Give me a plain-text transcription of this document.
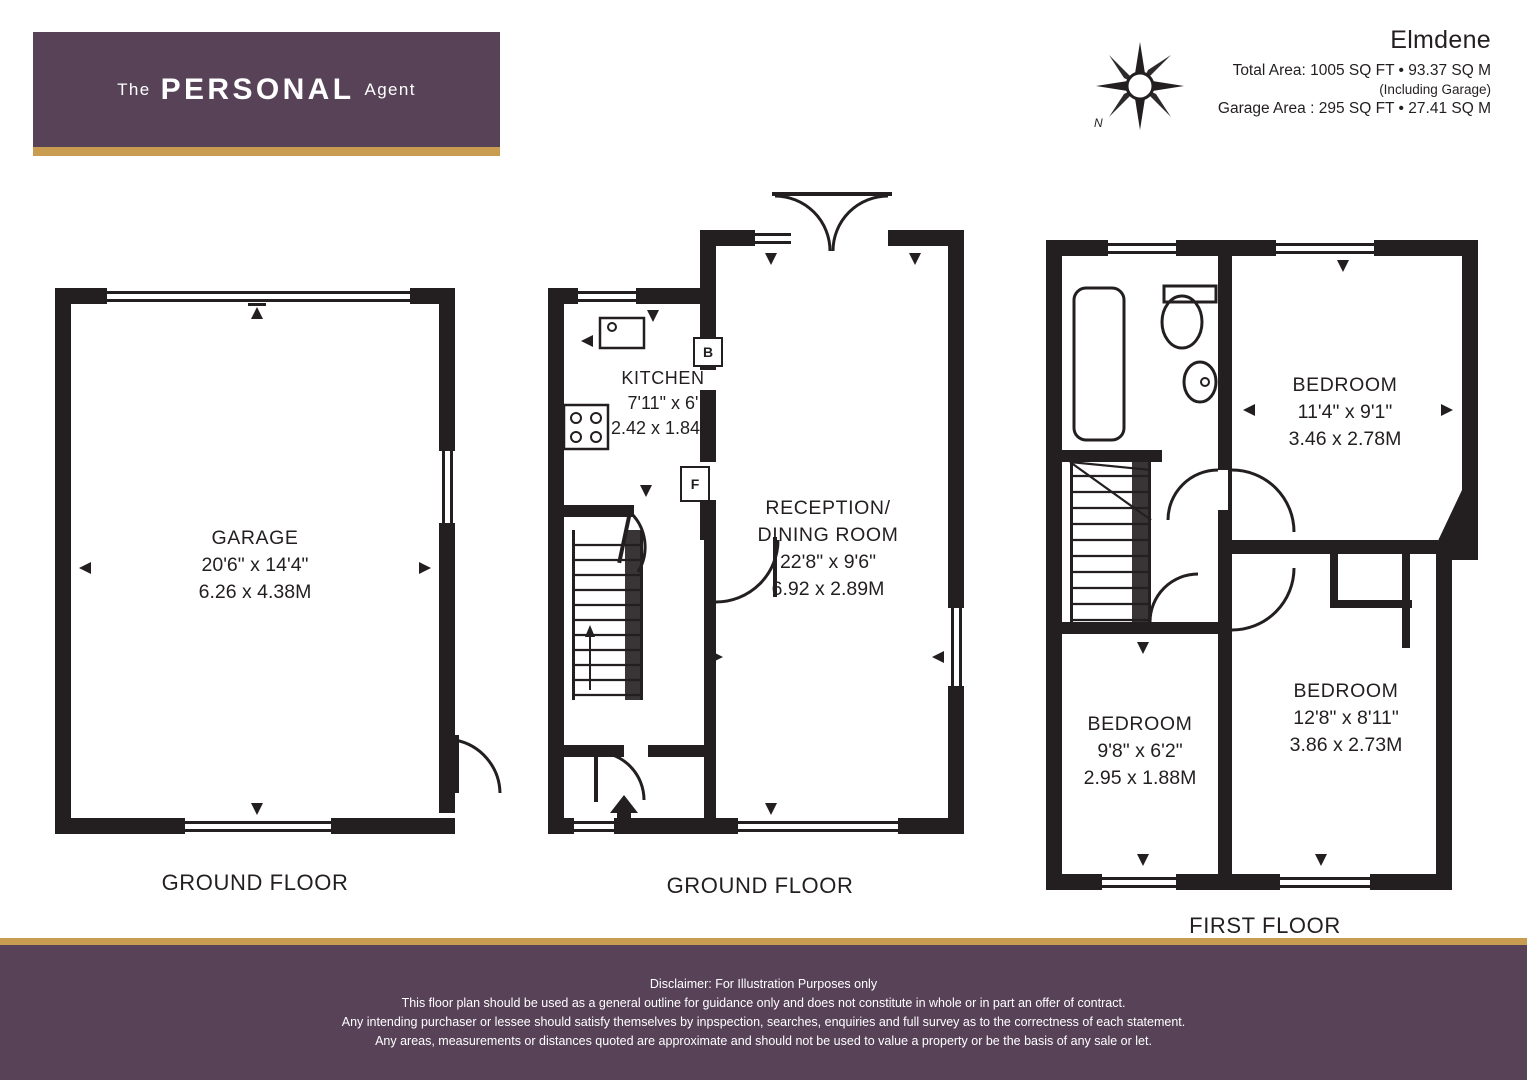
The PERSONAL Agent
Elmdene
Total Area: 1005 SQ FT • 93.37 SQ M
(Including Garage)
Garage Area : 295 SQ FT • 27.41 SQ M
N
B
F
GARAGE
20'6" x 14'4"
6.26 x 4.38M
KITCHEN
7'11" x 6'
2.42 x 1.84M
RECEPTION/
DINING ROOM
22'8" x 9'6"
6.92 x 2.89M
BEDROOM
11'4" x 9'1"
3.46 x 2.78M
BEDROOM
12'8" x 8'11"
3.86 x 2.73M
BEDROOM
9'8" x 6'2"
2.95 x 1.88M
GROUND FLOOR	GROUND FLOOR
FIRST FLOOR
Disclaimer: For Illustration Purposes only
This floor plan should be used as a general outline for guidance only and does not constitute in whole or in part an offer of contract.
Any intending purchaser or lessee should satisfy themselves by inpspection, searches, enquiries and full survey as to the correctness of each statement.
Any areas, measurements or distances quoted are approximate and should not be used to value a property or be the basis of any sale or let.
